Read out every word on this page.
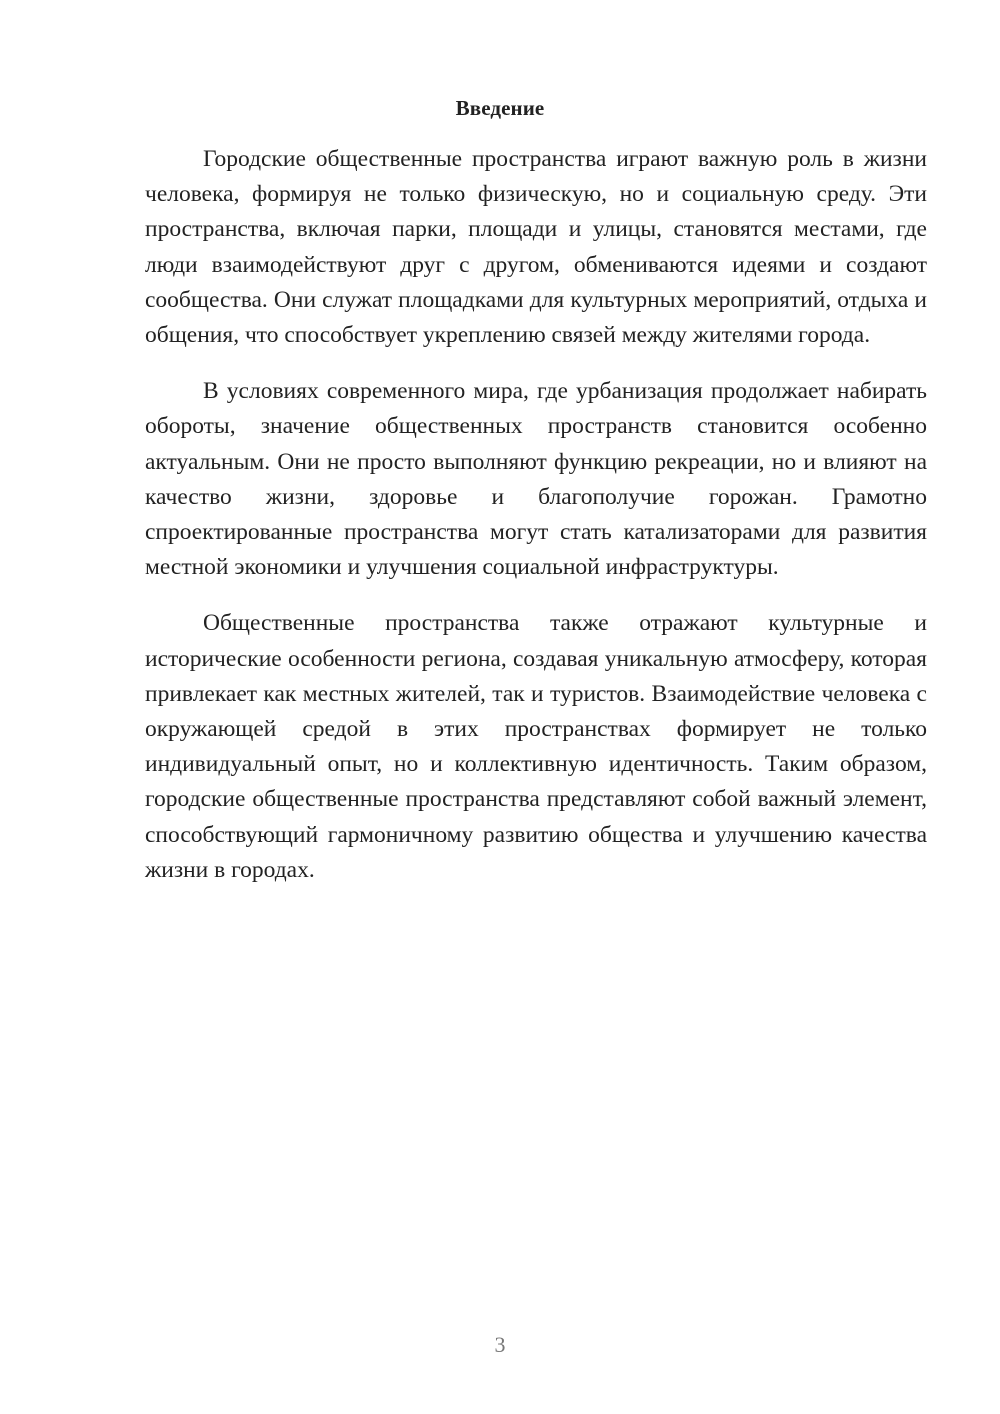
Введение

Городские общественные пространства играют важную роль в жизни человека, формируя не только физическую, но и социальную среду. Эти пространства, включая парки, площади и улицы, становятся местами, где люди взаимодействуют друг с другом, обмениваются идеями и создают сообщества. Они служат площадками для культурных мероприятий, отдыха и общения, что способствует укреплению связей между жителями города.

В условиях современного мира, где урбанизация продолжает набирать обороты, значение общественных пространств становится особенно актуальным. Они не просто выполняют функцию рекреации, но и влияют на качество жизни, здоровье и благополучие горожан. Грамотно спроектированные пространства могут стать катализаторами для развития местной экономики и улучшения социальной инфраструктуры.

Общественные пространства также отражают культурные и исторические особенности региона, создавая уникальную атмосферу, которая привлекает как местных жителей, так и туристов. Взаимодействие человека с окружающей средой в этих пространствах формирует не только индивидуальный опыт, но и коллективную идентичность. Таким образом, городские общественные пространства представляют собой важный элемент, способствующий гармоничному развитию общества и улучшению качества жизни в городах.

3
